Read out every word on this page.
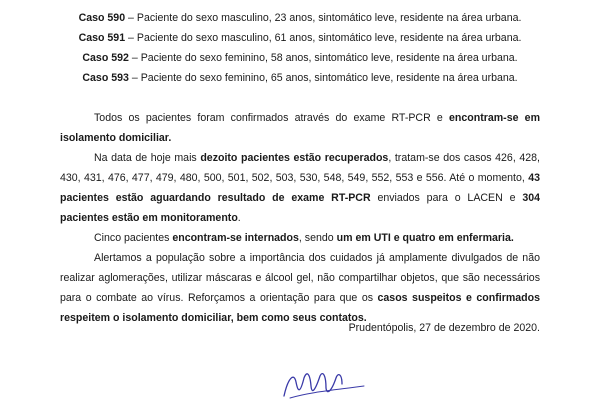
Caso 590 – Paciente do sexo masculino, 23 anos, sintomático leve, residente na área urbana.
Caso 591 – Paciente do sexo masculino, 61 anos, sintomático leve, residente na área urbana.
Caso 592 – Paciente do sexo feminino, 58 anos, sintomático leve, residente na área urbana.
Caso 593 – Paciente do sexo feminino, 65 anos, sintomático leve, residente na área urbana.

Todos os pacientes foram confirmados através do exame RT-PCR e encontram-se em isolamento domiciliar.

Na data de hoje mais dezoito pacientes estão recuperados, tratam-se dos casos 426, 428, 430, 431, 476, 477, 479, 480, 500, 501, 502, 503, 530, 548, 549, 552, 553 e 556. Até o momento, 43 pacientes estão aguardando resultado de exame RT-PCR enviados para o LACEN e 304 pacientes estão em monitoramento.

Cinco pacientes encontram-se internados, sendo um em UTI e quatro em enfermaria.

Alertamos a população sobre a importância dos cuidados já amplamente divulgados de não realizar aglomerações, utilizar máscaras e álcool gel, não compartilhar objetos, que são necessários para o combate ao vírus. Reforçamos a orientação para que os casos suspeitos e confirmados respeitem o isolamento domiciliar, bem como seus contatos.

Prudentópolis, 27 de dezembro de 2020.
